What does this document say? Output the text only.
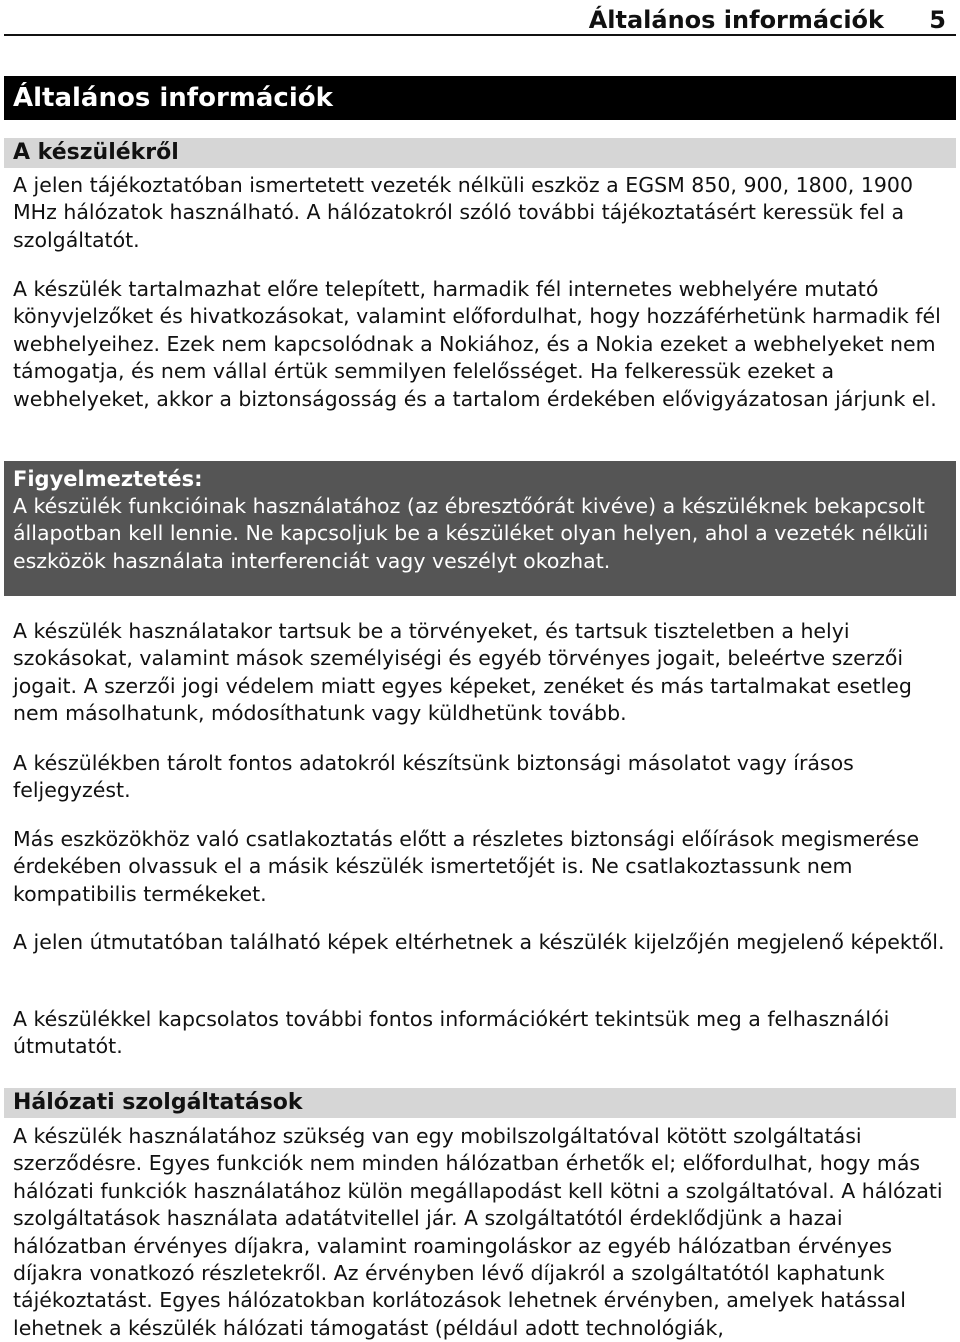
Általános információk 5
Általános információk
A készülékről

A jelen tájékoztatóban ismertetett vezeték nélküli eszköz a EGSM 850, 900, 1800, 1900 MHz hálózatok használható. A hálózatokról szóló további tájékoztatásért keressük fel a szolgáltatót.

A készülék tartalmazhat előre telepített, harmadik fél internetes webhelyére mutató könyvjelzőket és hivatkozásokat, valamint előfordulhat, hogy hozzáférhetünk harmadik fél webhelyeihez. Ezek nem kapcsolódnak a Nokiához, és a Nokia ezeket a webhelyeket nem támogatja, és nem vállal értük semmilyen felelősséget. Ha felkeressük ezeket a webhelyeket, akkor a biztonságosság és a tartalom érdekében elővigyázatosan járjunk el.

Figyelmeztetés:

A készülék funkcióinak használatához (az ébresztőórát kivéve) a készüléknek bekapcsolt állapotban kell lennie. Ne kapcsoljuk be a készüléket olyan helyen, ahol a vezeték nélküli eszközök használata interferenciát vagy veszélyt okozhat.

A készülék használatakor tartsuk be a törvényeket, és tartsuk tiszteletben a helyi szokásokat, valamint mások személyiségi és egyéb törvényes jogait, beleértve szerzői jogait. A szerzői jogi védelem miatt egyes képeket, zenéket és más tartalmakat esetleg nem másolhatunk, módosíthatunk vagy küldhetünk tovább.

A készülékben tárolt fontos adatokról készítsünk biztonsági másolatot vagy írásos feljegyzést.

Más eszközökhöz való csatlakoztatás előtt a részletes biztonsági előírások megismerése érdekében olvassuk el a másik készülék ismertetőjét is. Ne csatlakoztassunk nem kompatibilis termékeket.

A jelen útmutatóban található képek eltérhetnek a készülék kijelzőjén megjelenő képektől.

A készülékkel kapcsolatos további fontos információkért tekintsük meg a felhasználói útmutatót.

Hálózati szolgáltatások

A készülék használatához szükség van egy mobilszolgáltatóval kötött szolgáltatási szerződésre. Egyes funkciók nem minden hálózatban érhetők el; előfordulhat, hogy más hálózati funkciók használatához külön megállapodást kell kötni a szolgáltatóval. A hálózati szolgáltatások használata adatátvitellel jár. A szolgáltatótól érdeklődjünk a hazai hálózatban érvényes díjakra, valamint roamingoláskor az egyéb hálózatban érvényes díjakra vonatkozó részletekről. Az érvényben lévő díjakról a szolgáltatótól kaphatunk tájékoztatást. Egyes hálózatokban korlátozások lehetnek érvényben, amelyek hatással lehetnek a készülék hálózati támogatást (például adott technológiák,
